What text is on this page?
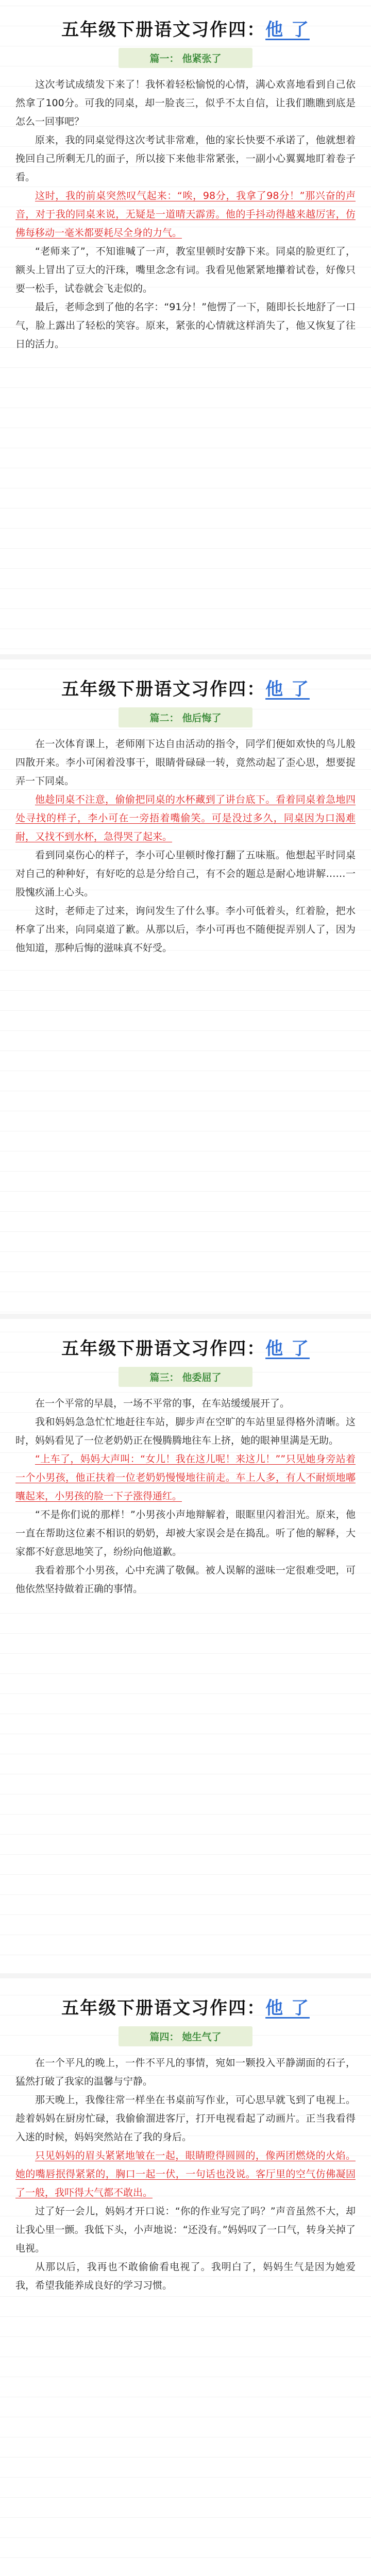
五年级下册语文习作四：他 了
篇一： 他紧张了

这次考试成绩发下来了！我怀着轻松愉悦的心情，满心欢喜地看到自己依然拿了100分。可我的同桌，却一脸丧三，似乎不太自信，让我们瞧瞧到底是怎么一回事吧？

原来，我的同桌觉得这次考试非常难，他的家长快要不承诺了，他就想着挽回自己所剩无几的面子，所以接下来他非常紧张，一副小心翼翼地盯着卷子看。

这时，我的前桌突然叹气起来：“唉，98分，我拿了98分！”那兴奋的声音，对于我的同桌来说，无疑是一道晴天霹雳。他的手抖动得越来越厉害，仿佛每移动一毫米都要耗尽全身的力气。

“老师来了”，不知谁喊了一声，教室里顿时安静下来。同桌的脸更红了，额头上冒出了豆大的汗珠，嘴里念念有词。我看见他紧紧地攥着试卷，好像只要一松手，试卷就会飞走似的。

最后，老师念到了他的名字：“91分！”他愣了一下，随即长长地舒了一口气，脸上露出了轻松的笑容。原来，紧张的心情就这样消失了，他又恢复了往日的活力。

五年级下册语文习作四：他 了
篇二： 他后悔了

在一次体育课上，老师刚下达自由活动的指令，同学们便如欢快的鸟儿般四散开来。李小可闲着没事干，眼睛骨碌碌一转，竟然动起了歪心思，想要捉弄一下同桌。

他趁同桌不注意，偷偷把同桌的水杯藏到了讲台底下。看着同桌着急地四处寻找的样子，李小可在一旁捂着嘴偷笑。可是没过多久，同桌因为口渴难耐，又找不到水杯，急得哭了起来。

看到同桌伤心的样子，李小可心里顿时像打翻了五味瓶。他想起平时同桌对自己的种种好，有好吃的总是分给自己，有不会的题总是耐心地讲解……一股愧疚涌上心头。

这时，老师走了过来，询问发生了什么事。李小可低着头，红着脸，把水杯拿了出来，向同桌道了歉。从那以后，李小可再也不随便捉弄别人了，因为他知道，那种后悔的滋味真不好受。

五年级下册语文习作四：他 了
篇三： 他委屈了

在一个平常的早晨，一场不平常的事，在车站缓缓展开了。

我和妈妈急急忙忙地赶往车站，脚步声在空旷的车站里显得格外清晰。这时，妈妈看见了一位老奶奶正在慢腾腾地往车上挤，她的眼神里满是无助。

“上车了，妈妈大声叫：“女儿！我在这儿呢！来这儿！””只见她身旁站着一个小男孩，他正扶着一位老奶奶慢慢地往前走。车上人多，有人不耐烦地嘟囔起来，小男孩的脸一下子涨得通红。

“不是你们说的那样！”小男孩小声地辩解着，眼眶里闪着泪光。原来，他一直在帮助这位素不相识的奶奶，却被大家误会是在捣乱。听了他的解释，大家都不好意思地笑了，纷纷向他道歉。

我看着那个小男孩，心中充满了敬佩。被人误解的滋味一定很难受吧，可他依然坚持做着正确的事情。

五年级下册语文习作四：他 了
篇四： 她生气了

在一个平凡的晚上，一件不平凡的事情，宛如一颗投入平静湖面的石子，猛然打破了我家的温馨与宁静。

那天晚上，我像往常一样坐在书桌前写作业，可心思早就飞到了电视上。趁着妈妈在厨房忙碌，我偷偷溜进客厅，打开电视看起了动画片。正当我看得入迷的时候，妈妈突然站在了我的身后。

只见妈妈的眉头紧紧地皱在一起，眼睛瞪得圆圆的，像两团燃烧的火焰。她的嘴唇抿得紧紧的，胸口一起一伏，一句话也没说。客厅里的空气仿佛凝固了一般，我吓得大气都不敢出。

过了好一会儿，妈妈才开口说：“你的作业写完了吗？”声音虽然不大，却让我心里一颤。我低下头，小声地说：“还没有。”妈妈叹了一口气，转身关掉了电视。

从那以后，我再也不敢偷偷看电视了。我明白了，妈妈生气是因为她爱我，希望我能养成良好的学习习惯。
